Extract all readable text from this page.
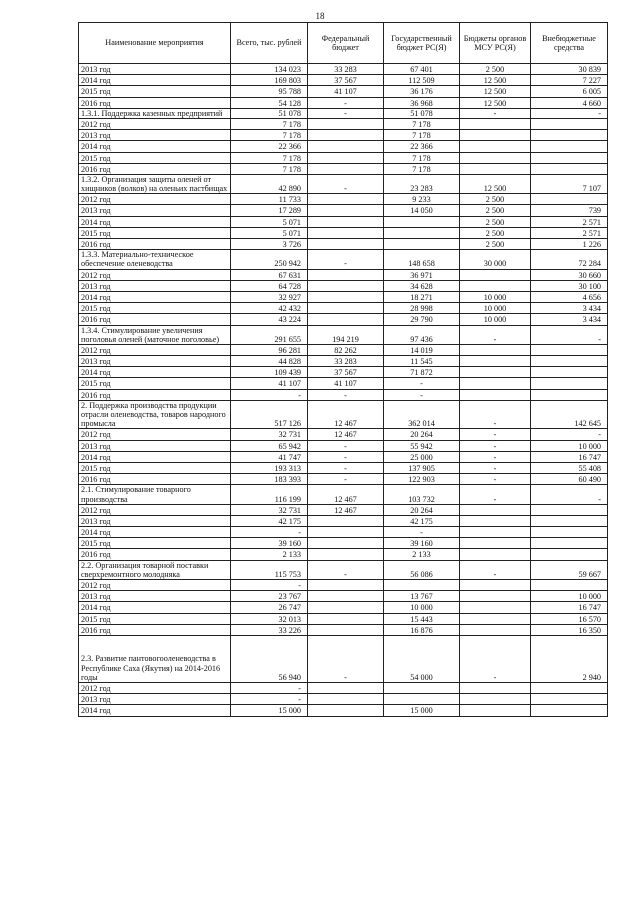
18
Наименование мероприятия	Всего, тыс. рублей	Федеральный бюджет	Государственный бюджет РС(Я)	Бюджеты органов МСУ РС(Я)	Внебюджетные средства
2013 год	134 023	33 283	67 401	2 500	30 839
2014 год	169 803	37 567	112 509	12 500	7 227
2015 год	95 788	41 107	36 176	12 500	6 005
2016 год	54 128	-	36 968	12 500	4 660
1.3.1. Поддержка казенных предприятий	51 078	-	51 078	-	-
2012 год	7 178		7 178		
2013 год	7 178		7 178		
2014 год	22 366		22 366		
2015 год	7 178		7 178		
2016 год	7 178		7 178		
1.3.2. Организация защиты оленей от хищников (волков) на оленьих пастбищах	42 890	-	23 283	12 500	7 107
2012 год	11 733		9 233	2 500	
2013 год	17 289		14 050	2 500	739
2014 год	5 071			2 500	2 571
2015 год	5 071			2 500	2 571
2016 год	3 726			2 500	1 226
1.3.3. Материально-техническое обеспечение оленеводства	250 942	-	148 658	30 000	72 284
2012 год	67 631		36 971		30 660
2013 год	64 728		34 628		30 100
2014 год	32 927		18 271	10 000	4 656
2015 год	42 432		28 998	10 000	3 434
2016 год	43 224		29 790	10 000	3 434
1.3.4. Стимулирование увеличения поголовья оленей (маточное поголовье)	291 655	194 219	97 436	-	-
2012 год	96 281	82 262	14 019		
2013 год	44 828	33 283	11 545		
2014 год	109 439	37 567	71 872		
2015 год	41 107	41 107	-		
2016 год	-	-	-		
2. Поддержка производства продукции отрасли оленеводства, товаров народного промысла	517 126	12 467	362 014	-	142 645
2012 год	32 731	12 467	20 264	-	-
2013 год	65 942	-	55 942	-	10 000
2014 год	41 747	-	25 000	-	16 747
2015 год	193 313	-	137 905	-	55 408
2016 год	183 393	-	122 903	-	60 490
2.1. Стимулирование товарного производства	116 199	12 467	103 732	-	-
2012 год	32 731	12 467	20 264		
2013 год	42 175		42 175		
2014 год	-		-		
2015 год	39 160		39 160		
2016 год	2 133		2 133		
2.2. Организация товарной поставки сверхремонтного молодняка	115 753	-	56 086	-	59 667
2012 год	-				
2013 год	23 767		13 767		10 000
2014 год	26 747		10 000		16 747
2015 год	32 013		15 443		16 570
2016 год	33 226		16 876		16 350
2.3. Развитие пантовогооленеводства в Республике Саха (Якутия) на 2014-2016 годы	56 940	-	54 000	-	2 940
2012 год	-				
2013 год	-				
2014 год	15 000		15 000		
